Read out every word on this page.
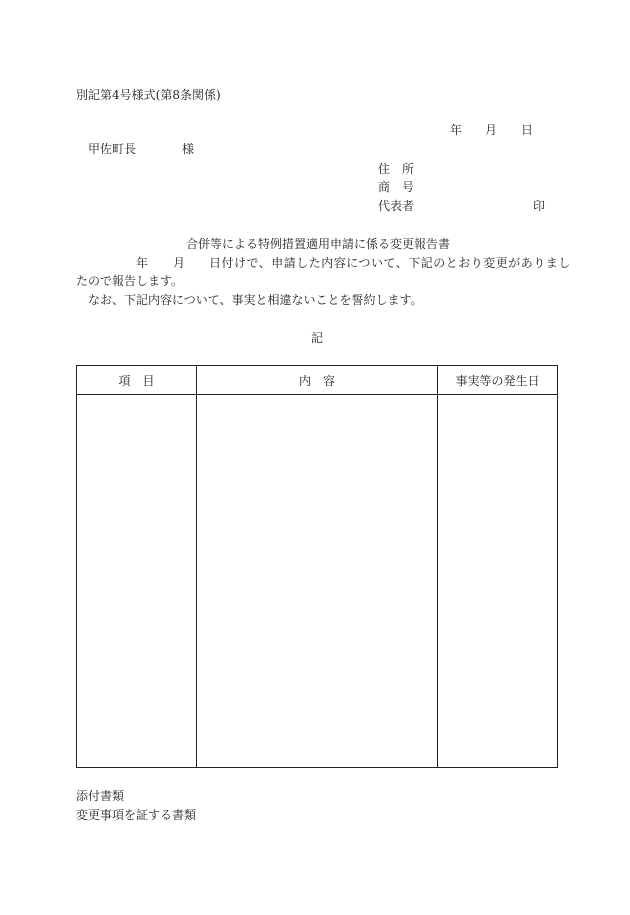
別記第4号様式(第8条関係)
年 月 日
甲佐町長	様
住　所
商　号
代表者	印
合併等による特例措置適用申請に係る変更報告書
年 月 日付けで、申請した内容について、下記のとおり変更がありまし
たので報告します。
なお、下記内容について、事実と相違ないことを誓約します。
記
項　目	内　容	事実等の発生日

添付書類
変更事項を証する書類
